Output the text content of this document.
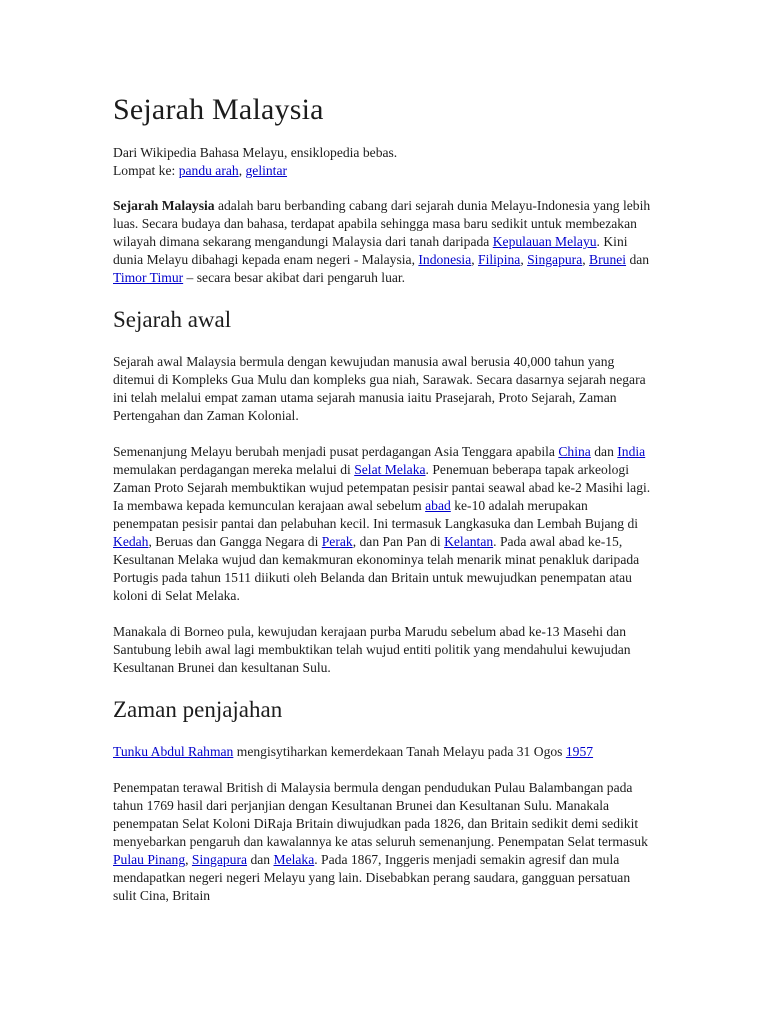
Sejarah Malaysia
Dari Wikipedia Bahasa Melayu, ensiklopedia bebas.
Lompat ke: pandu arah, gelintar

Sejarah Malaysia adalah baru berbanding cabang dari sejarah dunia Melayu-Indonesia yang lebih luas. Secara budaya dan bahasa, terdapat apabila sehingga masa baru sedikit untuk membezakan wilayah dimana sekarang mengandungi Malaysia dari tanah daripada Kepulauan Melayu. Kini dunia Melayu dibahagi kepada enam negeri - Malaysia, Indonesia, Filipina, Singapura, Brunei dan Timor Timur – secara besar akibat dari pengaruh luar.

Sejarah awal

Sejarah awal Malaysia bermula dengan kewujudan manusia awal berusia 40,000 tahun yang ditemui di Kompleks Gua Mulu dan kompleks gua niah, Sarawak. Secara dasarnya sejarah negara ini telah melalui empat zaman utama sejarah manusia iaitu Prasejarah, Proto Sejarah, Zaman Pertengahan dan Zaman Kolonial.

Semenanjung Melayu berubah menjadi pusat perdagangan Asia Tenggara apabila China dan India memulakan perdagangan mereka melalui di Selat Melaka. Penemuan beberapa tapak arkeologi Zaman Proto Sejarah membuktikan wujud petempatan pesisir pantai seawal abad ke-2 Masihi lagi. Ia membawa kepada kemunculan kerajaan awal sebelum abad ke-10 adalah merupakan penempatan pesisir pantai dan pelabuhan kecil. Ini termasuk Langkasuka dan Lembah Bujang di Kedah, Beruas dan Gangga Negara di Perak, dan Pan Pan di Kelantan. Pada awal abad ke-15, Kesultanan Melaka wujud dan kemakmuran ekonominya telah menarik minat penakluk daripada Portugis pada tahun 1511 diikuti oleh Belanda dan Britain untuk mewujudkan penempatan atau koloni di Selat Melaka.

Manakala di Borneo pula, kewujudan kerajaan purba Marudu sebelum abad ke-13 Masehi dan Santubung lebih awal lagi membuktikan telah wujud entiti politik yang mendahului kewujudan Kesultanan Brunei dan kesultanan Sulu.

Zaman penjajahan

Tunku Abdul Rahman mengisytiharkan kemerdekaan Tanah Melayu pada 31 Ogos 1957

Penempatan terawal British di Malaysia bermula dengan pendudukan Pulau Balambangan pada tahun 1769 hasil dari perjanjian dengan Kesultanan Brunei dan Kesultanan Sulu. Manakala penempatan Selat Koloni DiRaja Britain diwujudkan pada 1826, dan Britain sedikit demi sedikit menyebarkan pengaruh dan kawalannya ke atas seluruh semenanjung. Penempatan Selat termasuk Pulau Pinang, Singapura dan Melaka. Pada 1867, Inggeris menjadi semakin agresif dan mula mendapatkan negeri negeri Melayu yang lain. Disebabkan perang saudara, gangguan persatuan sulit Cina, Britain
